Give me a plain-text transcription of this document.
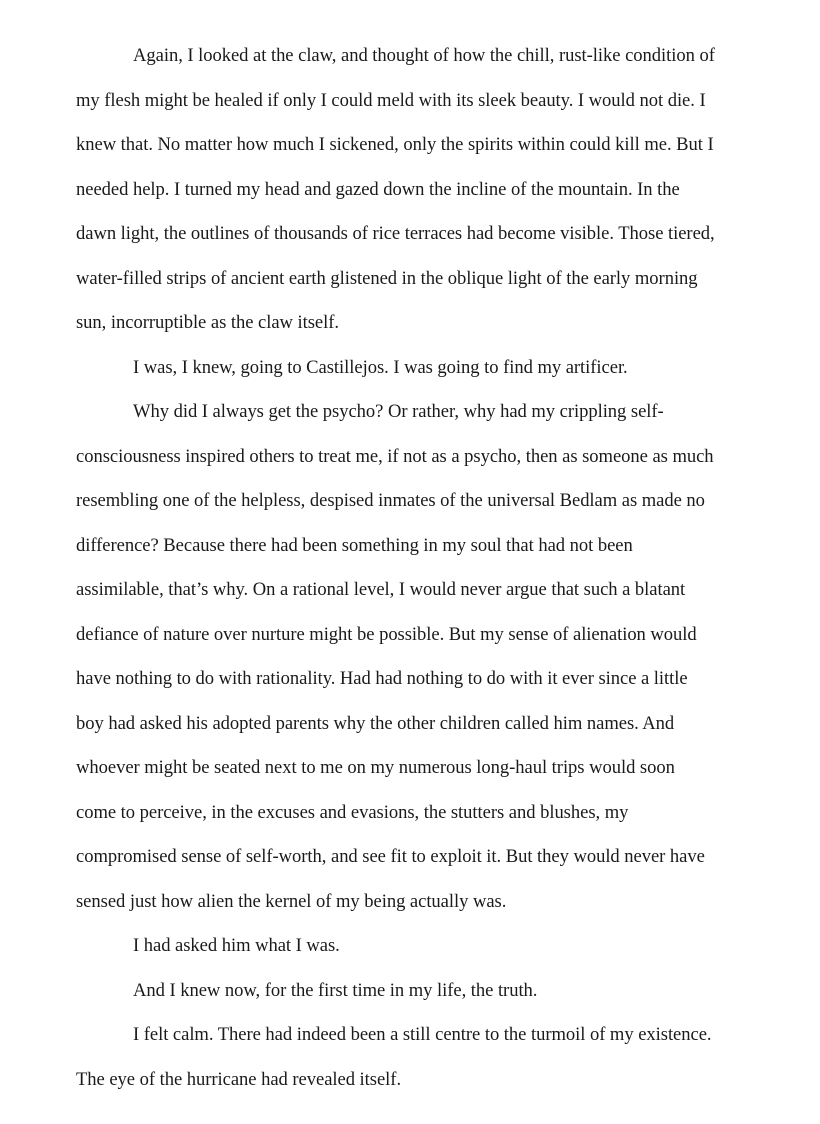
Again, I looked at the claw, and thought of how the chill, rust-like condition of
my flesh might be healed if only I could meld with its sleek beauty. I would not die. I
knew that. No matter how much I sickened, only the spirits within could kill me. But I
needed help. I turned my head and gazed down the incline of the mountain. In the
dawn light, the outlines of thousands of rice terraces had become visible. Those tiered,
water-filled strips of ancient earth glistened in the oblique light of the early morning
sun, incorruptible as the claw itself.

I was, I knew, going to Castillejos. I was going to find my artificer.

Why did I always get the psycho? Or rather, why had my crippling self-
consciousness inspired others to treat me, if not as a psycho, then as someone as much
resembling one of the helpless, despised inmates of the universal Bedlam as made no
difference? Because there had been something in my soul that had not been
assimilable, that’s why. On a rational level, I would never argue that such a blatant
defiance of nature over nurture might be possible. But my sense of alienation would
have nothing to do with rationality. Had had nothing to do with it ever since a little
boy had asked his adopted parents why the other children called him names. And
whoever might be seated next to me on my numerous long-haul trips would soon
come to perceive, in the excuses and evasions, the stutters and blushes, my
compromised sense of self-worth, and see fit to exploit it. But they would never have
sensed just how alien the kernel of my being actually was.

I had asked him what I was.

And I knew now, for the first time in my life, the truth.

I felt calm. There had indeed been a still centre to the turmoil of my existence.
The eye of the hurricane had revealed itself.
